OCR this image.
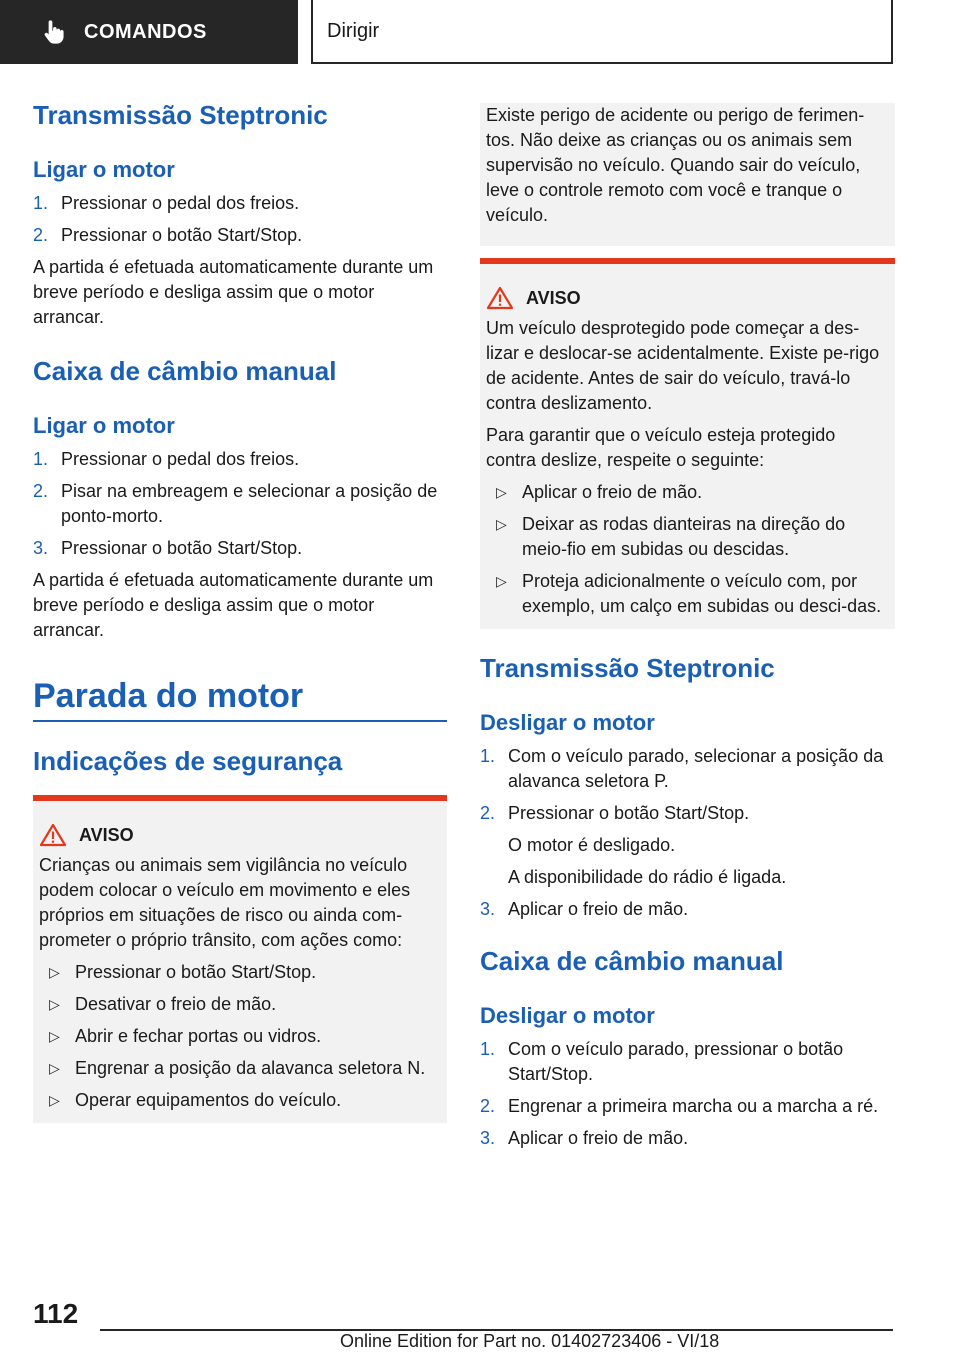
COMANDOS	Dirigir
Transmissão Steptronic
Ligar o motor
1. Pressionar o pedal dos freios.
2. Pressionar o botão Start/Stop.

A partida é efetuada automaticamente durante um breve período e desliga assim que o motor arrancar.

Caixa de câmbio manual
Ligar o motor
1. Pressionar o pedal dos freios.
2. Pisar na embreagem e selecionar a posição de ponto-morto.
3. Pressionar o botão Start/Stop.

A partida é efetuada automaticamente durante um breve período e desliga assim que o motor arrancar.

Parada do motor
Indicações de segurança
AVISO

Crianças ou animais sem vigilância no veículo podem colocar o veículo em movimento e eles próprios em situações de risco ou ainda com-prometer o próprio trânsito, com ações como:

▷ Pressionar o botão Start/Stop.
▷ Desativar o freio de mão.
▷ Abrir e fechar portas ou vidros.
▷ Engrenar a posição da alavanca seletora N.
▷ Operar equipamentos do veículo.

Existe perigo de acidente ou perigo de ferimen-tos. Não deixe as crianças ou os animais sem supervisão no veículo. Quando sair do veículo, leve o controle remoto com você e tranque o veículo.

AVISO

Um veículo desprotegido pode começar a des-lizar e deslocar-se acidentalmente. Existe pe-rigo de acidente. Antes de sair do veículo, travá-lo contra deslizamento.

Para garantir que o veículo esteja protegido contra deslize, respeite o seguinte:

▷ Aplicar o freio de mão.
▷ Deixar as rodas dianteiras na direção do meio-fio em subidas ou descidas.
▷ Proteja adicionalmente o veículo com, por exemplo, um calço em subidas ou desci-das.
Transmissão Steptronic
Desligar o motor
1. Com o veículo parado, selecionar a posição da alavanca seletora P.
2. Pressionar o botão Start/Stop.
O motor é desligado.
A disponibilidade do rádio é ligada.
3. Aplicar o freio de mão.
Caixa de câmbio manual
Desligar o motor
1. Com o veículo parado, pressionar o botão Start/Stop.
2. Engrenar a primeira marcha ou a marcha a ré.
3. Aplicar o freio de mão.
112
Online Edition for Part no. 01402723406 - VI/18
